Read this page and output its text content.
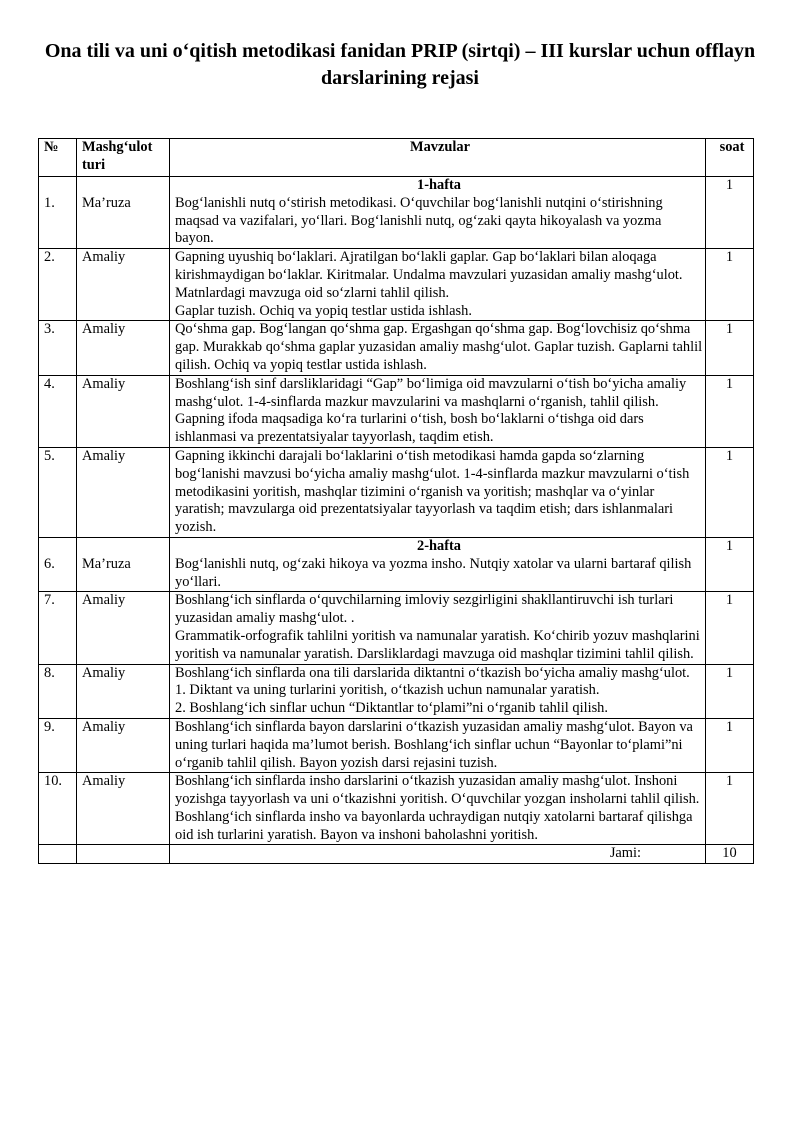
Ona tili va uni o‘qitish metodikasi fanidan PRIP (sirtqi) – III kurslar uchun offlayn darslarining rejasi
№	Mashg‘ulot turi	Mavzular	soat
1.	Ma’ruza	1-hafta

Bog‘lanishli nutq o‘stirish metodikasi. O‘quvchilar bog‘lanishli nutqini o‘stirishning maqsad va vazifalari, yo‘llari. Bog‘lanishli nutq, og‘zaki qayta hikoyalash va yozma bayon.	1
2.	Amaliy	Gapning uyushiq bo‘laklari. Ajratilgan bo‘lakli gaplar. Gap bo‘laklari bilan aloqaga kirishmaydigan bo‘laklar. Kiritmalar. Undalma mavzulari yuzasidan amaliy mashg‘ulot. Matnlardagi mavzuga oid so‘zlarni tahlil qilish.

Gaplar tuzish. Ochiq va yopiq testlar ustida ishlash.	1
3.	Amaliy	Qo‘shma gap. Bog‘langan qo‘shma gap. Ergashgan qo‘shma gap. Bog‘lovchisiz qo‘shma gap. Murakkab qo‘shma gaplar yuzasidan amaliy mashg‘ulot. Gaplar tuzish. Gaplarni tahlil qilish. Ochiq va yopiq testlar ustida ishlash.	1
4.	Amaliy	Boshlang‘ish sinf darsliklaridagi “Gap” bo‘limiga oid mavzularni o‘tish bo‘yicha amaliy mashg‘ulot. 1-4-sinflarda mazkur mavzularini va mashqlarni o‘rganish, tahlil qilish. Gapning ifoda maqsadiga ko‘ra turlarini o‘tish, bosh bo‘laklarni o‘tishga oid dars ishlanmasi va prezentatsiyalar tayyorlash, taqdim etish.	1
5.	Amaliy	Gapning ikkinchi darajali bo‘laklarini o‘tish metodikasi hamda gapda so‘zlarning bog‘lanishi mavzusi bo‘yicha amaliy mashg‘ulot. 1-4-sinflarda mazkur mavzularni o‘tish metodikasini yoritish, mashqlar tizimini o‘rganish va yoritish; mashqlar va o‘yinlar yaratish; mavzularga oid prezentatsiyalar tayyorlash va taqdim etish; dars ishlanmalari yozish.	1
6.	Ma’ruza	2-hafta

Bog‘lanishli nutq, og‘zaki hikoya va yozma insho. Nutqiy xatolar va ularni bartaraf qilish yo‘llari.	1
7.	Amaliy	Boshlang‘ich sinflarda o‘quvchilarning imloviy sezgirligini shakllantiruvchi ish turlari yuzasidan amaliy mashg‘ulot. .

Grammatik-orfografik tahlilni yoritish va namunalar yaratish. Ko‘chirib yozuv mashqlarini yoritish va namunalar yaratish. Darsliklardagi mavzuga oid mashqlar tizimini tahlil qilish.	1
8.	Amaliy	Boshlang‘ich sinflarda ona tili darslarida diktantni o‘tkazish bo‘yicha amaliy mashg‘ulot.

1. Diktant va uning turlarini yoritish, o‘tkazish uchun namunalar yaratish.

2. Boshlang‘ich sinflar uchun “Diktantlar to‘plami”ni o‘rganib tahlil qilish.	1
9.	Amaliy	Boshlang‘ich sinflarda bayon darslarini o‘tkazish yuzasidan amaliy mashg‘ulot. Bayon va uning turlari haqida ma’lumot berish. Boshlang‘ich sinflar uchun “Bayonlar to‘plami”ni o‘rganib tahlil qilish. Bayon yozish darsi rejasini tuzish.	1
10.	Amaliy	Boshlang‘ich sinflarda insho darslarini o‘tkazish yuzasidan amaliy mashg‘ulot. Inshoni yozishga tayyorlash va uni o‘tkazishni yoritish. O‘quvchilar yozgan insholarni tahlil qilish. Boshlang‘ich sinflarda insho va bayonlarda uchraydigan nutqiy xatolarni bartaraf qilishga oid ish turlarini yaratish. Bayon va inshoni baholashni yoritish.	1
		Jami:	10
